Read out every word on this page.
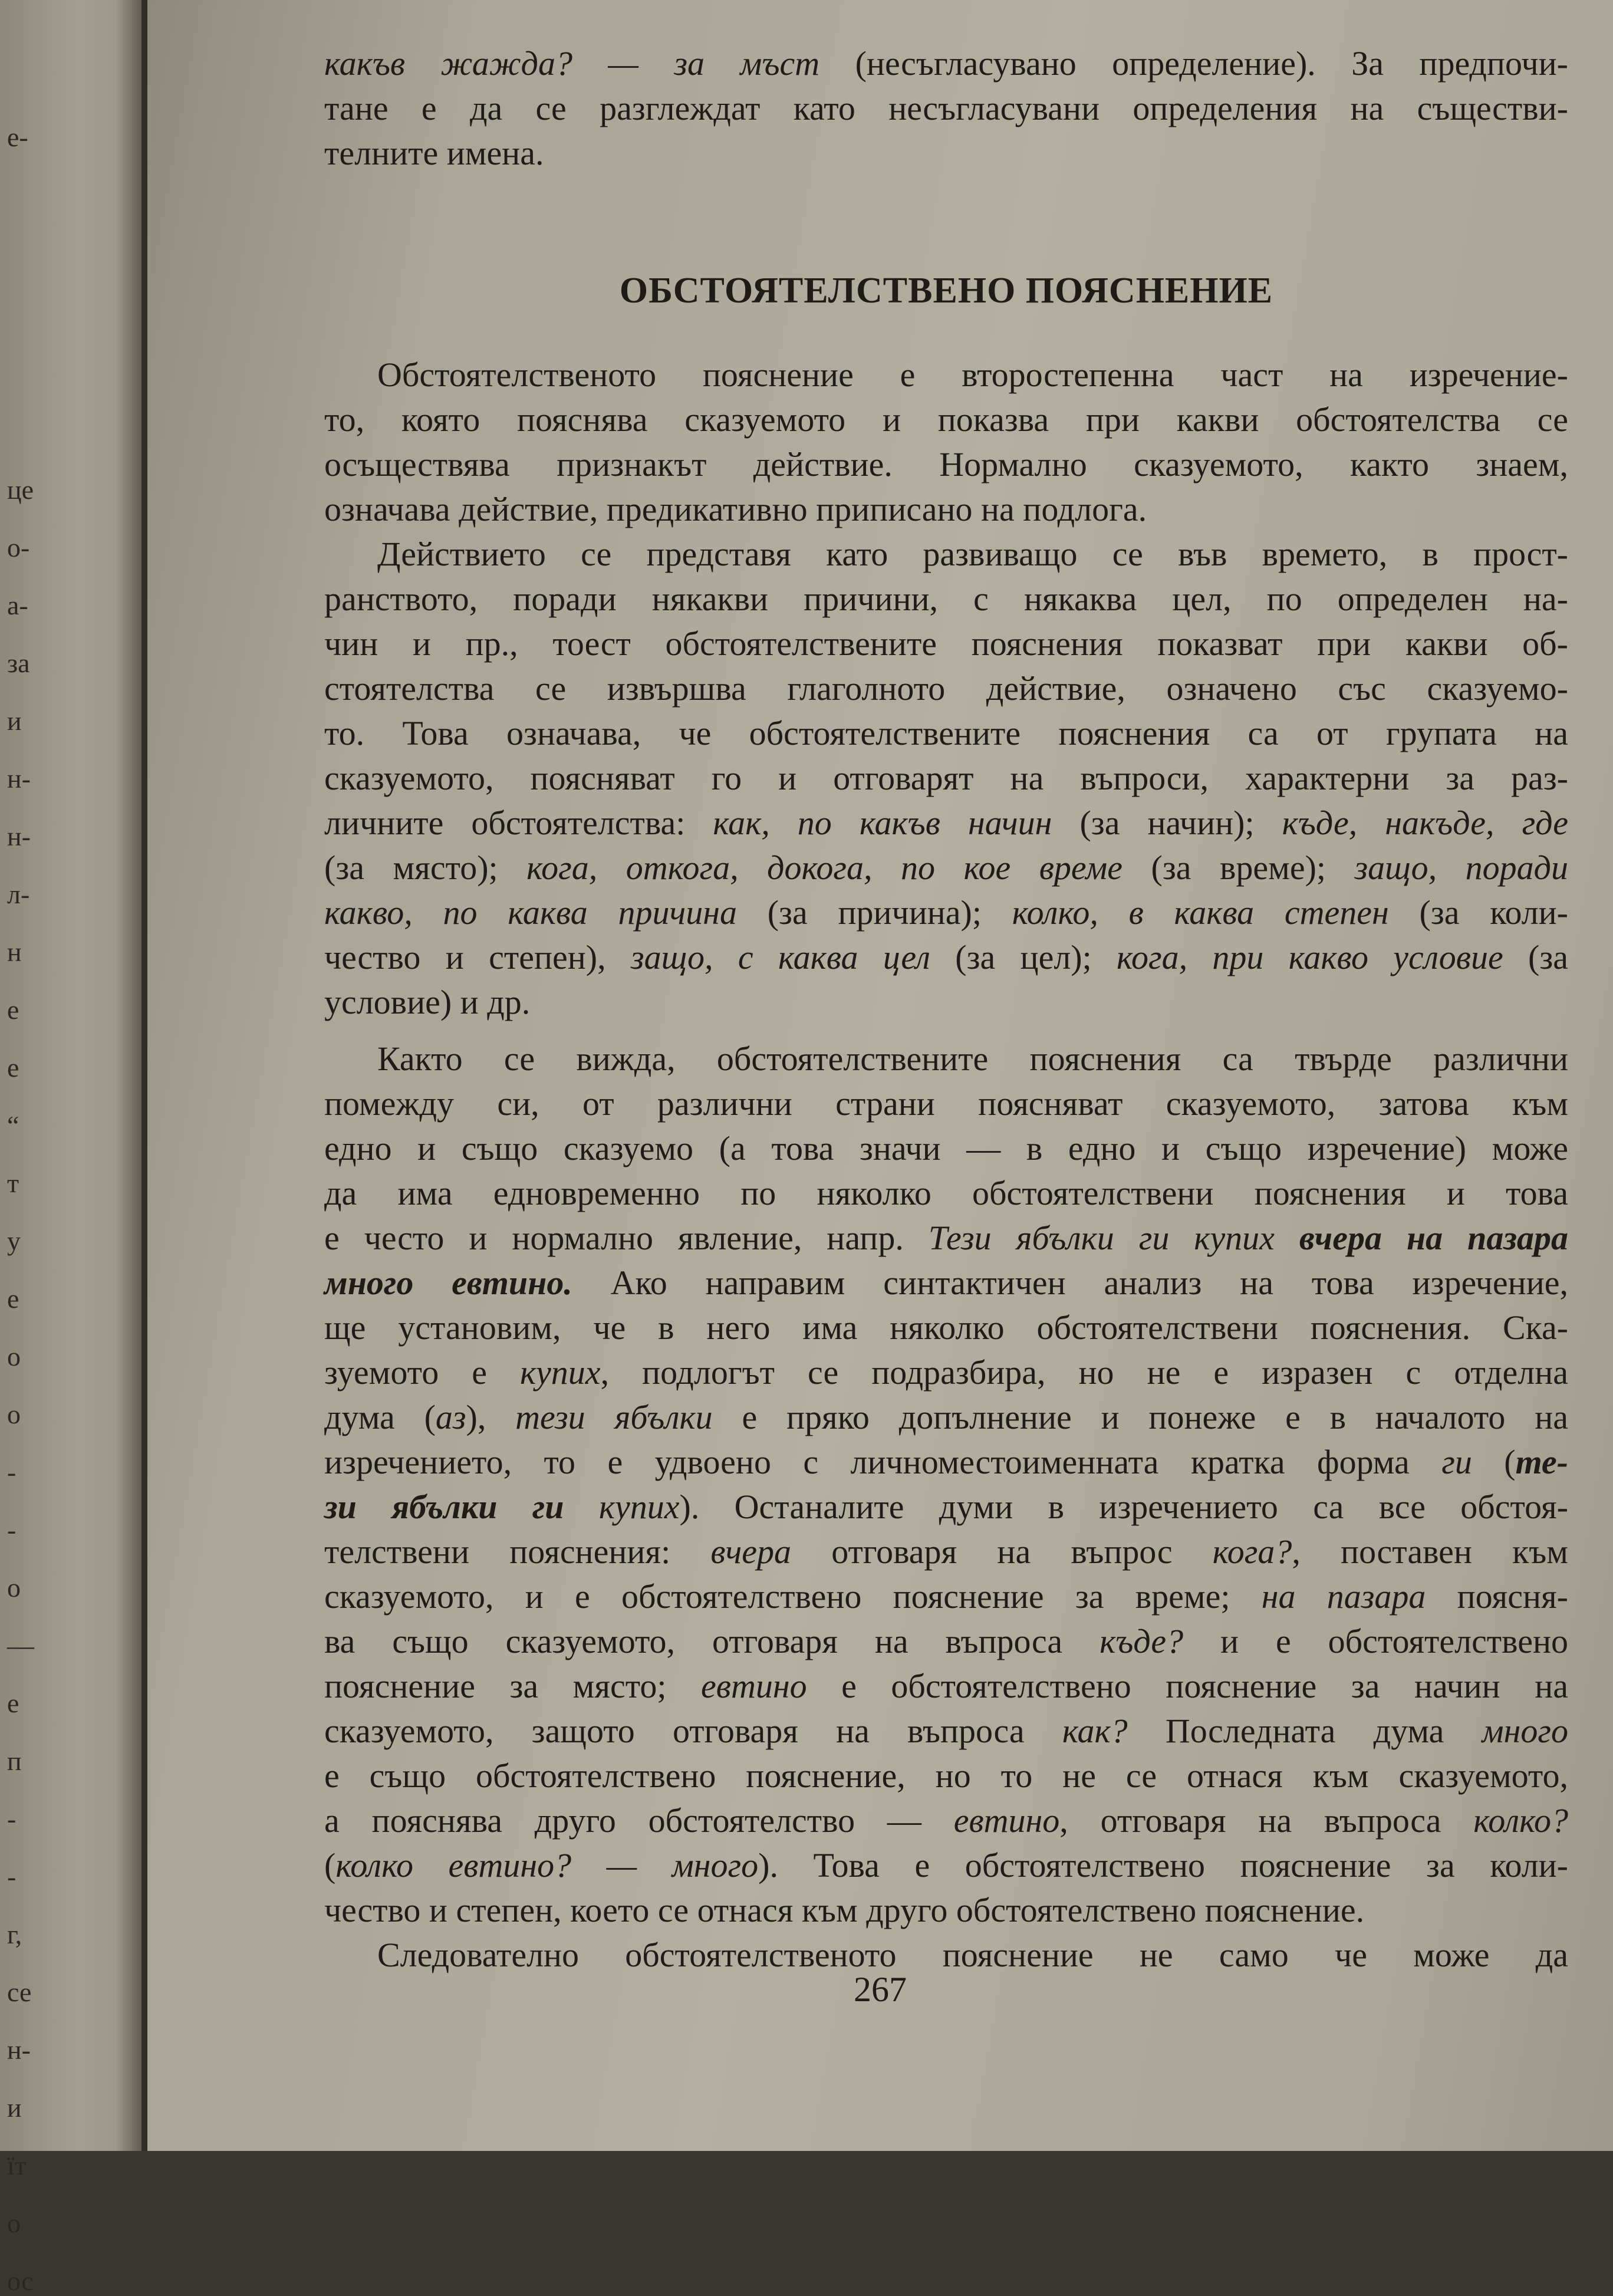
е-
це
о-
а-
за
и
н-
н-
л-
н
е
е
“
т
у
е
о
о
-
-
о
—
е
п
-
-
г,
се
н-
и
їт
о
ос
какъв жажда? — за мъст (несъгласувано определение). За предпочи-
тане е да се разглеждат като несъгласувани определения на съществи-
телните имена.
ОБСТОЯТЕЛСТВЕНО ПОЯСНЕНИЕ
Обстоятелственото пояснение е второстепенна част на изречение-
то, която пояснява сказуемото и показва при какви обстоятелства се
осъществява признакът действие. Нормално сказуемото, както знаем,
означава действие, предикативно приписано на подлога.
Действието се представя като развиващо се във времето, в прост-
ранството, поради някакви причини, с някаква цел, по определен на-
чин и пр., тоест обстоятелствените пояснения показват при какви об-
стоятелства се извършва глаголното действие, означено със сказуемо-
то. Това означава, че обстоятелствените пояснения са от групата на
сказуемото, поясняват го и отговарят на въпроси, характерни за раз-
личните обстоятелства: как, по какъв начин (за начин); къде, накъде, где
(за място); кога, откога, докога, по кое време (за време); защо, поради
какво, по каква причина (за причина); колко, в каква степен (за коли-
чество и степен), защо, с каква цел (за цел); кога, при какво условие (за
условие) и др.
Както се вижда, обстоятелствените пояснения са твърде различни
помежду си, от различни страни поясняват сказуемото, затова към
едно и също сказуемо (а това значи — в едно и също изречение) може
да има едновременно по няколко обстоятелствени пояснения и това
е често и нормално явление, напр. Тези ябълки ги купих вчера на пазара
много евтино. Ако направим синтактичен анализ на това изречение,
ще установим, че в него има няколко обстоятелствени пояснения. Ска-
зуемото е купих, подлогът се подразбира, но не е изразен с отделна
дума (аз), тези ябълки е пряко допълнение и понеже е в началото на
изречението, то е удвоено с личноместоименната кратка форма ги (те-
зи ябълки ги купих). Останалите думи в изречението са все обстоя-
телствени пояснения: вчера отговаря на въпрос кога?, поставен към
сказуемото, и е обстоятелствено пояснение за време; на пазара поясня-
ва също сказуемото, отговаря на въпроса къде? и е обстоятелствено
пояснение за място; евтино е обстоятелствено пояснение за начин на
сказуемото, защото отговаря на въпроса как? Последната дума много
е също обстоятелствено пояснение, но то не се отнася към сказуемото,
а пояснява друго обстоятелство — евтино, отговаря на въпроса колко?
(колко евтино? — много). Това е обстоятелствено пояснение за коли-
чество и степен, което се отнася към друго обстоятелствено пояснение.
Следователно обстоятелственото пояснение не само че може да
267
